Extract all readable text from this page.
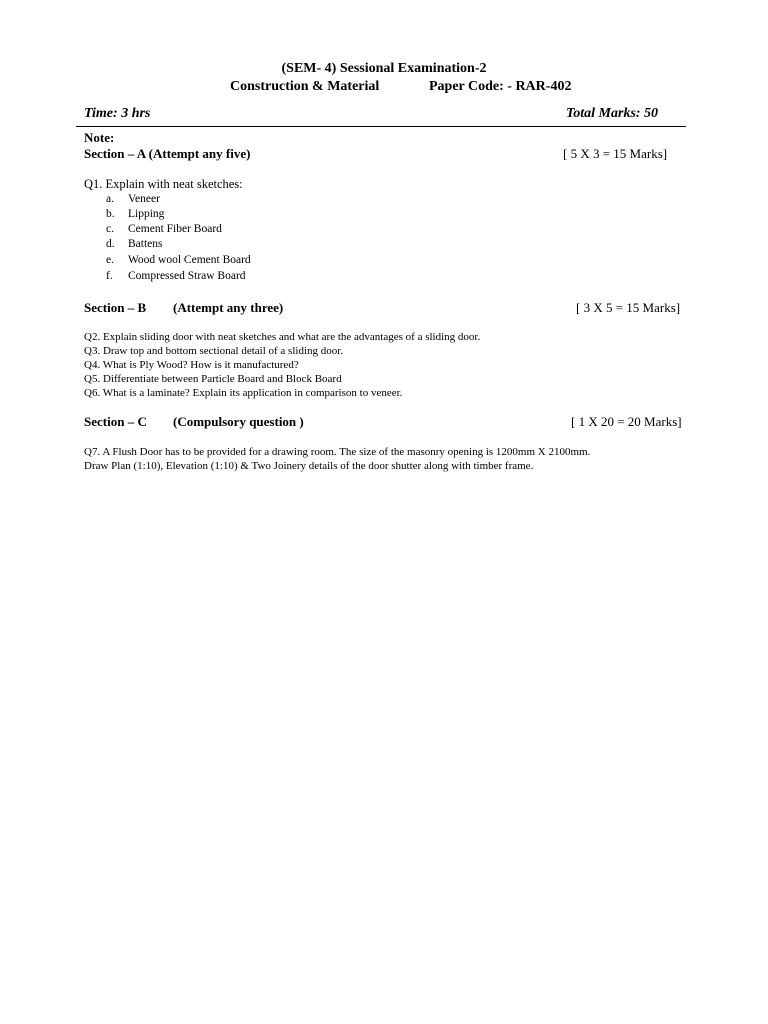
(SEM- 4) Sessional Examination-2
Construction & Material	Paper Code: - RAR-402
Time: 3 hrs	Total Marks: 50
Note:
Section – A (Attempt any five)	[ 5 X 3 = 15 Marks]
Q1. Explain with neat sketches:
a. Veneer
b. Lipping
c. Cement Fiber Board
d. Battens
e. Wood wool Cement Board
f. Compressed Straw Board
Section – B (Attempt any three)	[ 3 X 5 = 15 Marks]
Q2. Explain sliding door with neat sketches and what are the advantages of a sliding door.
Q3. Draw top and bottom sectional detail of a sliding door.
Q4. What is Ply Wood? How is it manufactured?
Q5. Differentiate between Particle Board and Block Board
Q6. What is a laminate? Explain its application in comparison to veneer.
Section – C (Compulsory question )	[ 1 X 20 = 20 Marks]
Q7. A Flush Door has to be provided for a drawing room. The size of the masonry opening is 1200mm X 2100mm.
Draw Plan (1:10), Elevation (1:10) & Two Joinery details of the door shutter along with timber frame.
